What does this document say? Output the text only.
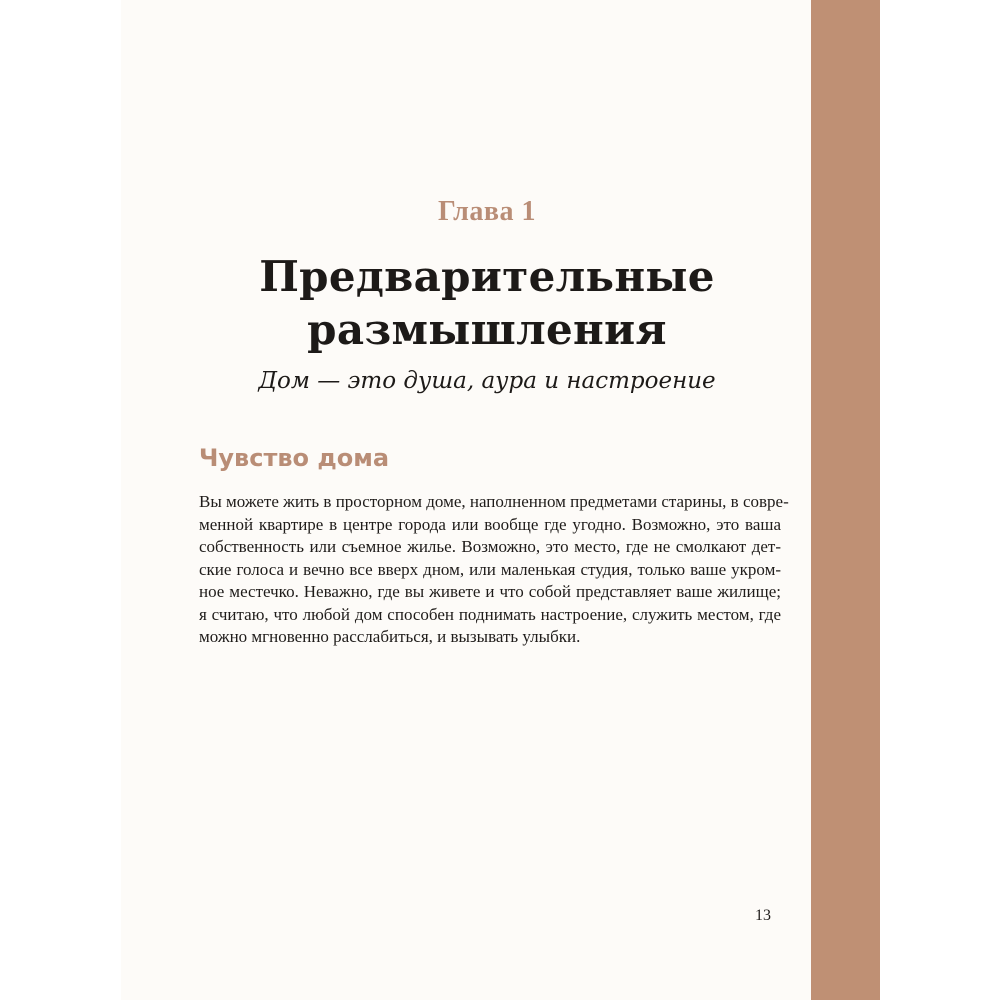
Глава 1
Предварительные
размышления
Дом — это душа, аура и настроение
Чувство дома
Вы можете жить в просторном доме, наполненном предметами старины, в совре-
менной квартире в центре города или вообще где угодно. Возможно, это ваша
собственность или съемное жилье. Возможно, это место, где не смолкают дет-
ские голоса и вечно все вверх дном, или маленькая студия, только ваше укром-
ное местечко. Неважно, где вы живете и что собой представляет ваше жилище;
я считаю, что любой дом способен поднимать настроение, служить местом, где
можно мгновенно расслабиться, и вызывать улыбки.
13
